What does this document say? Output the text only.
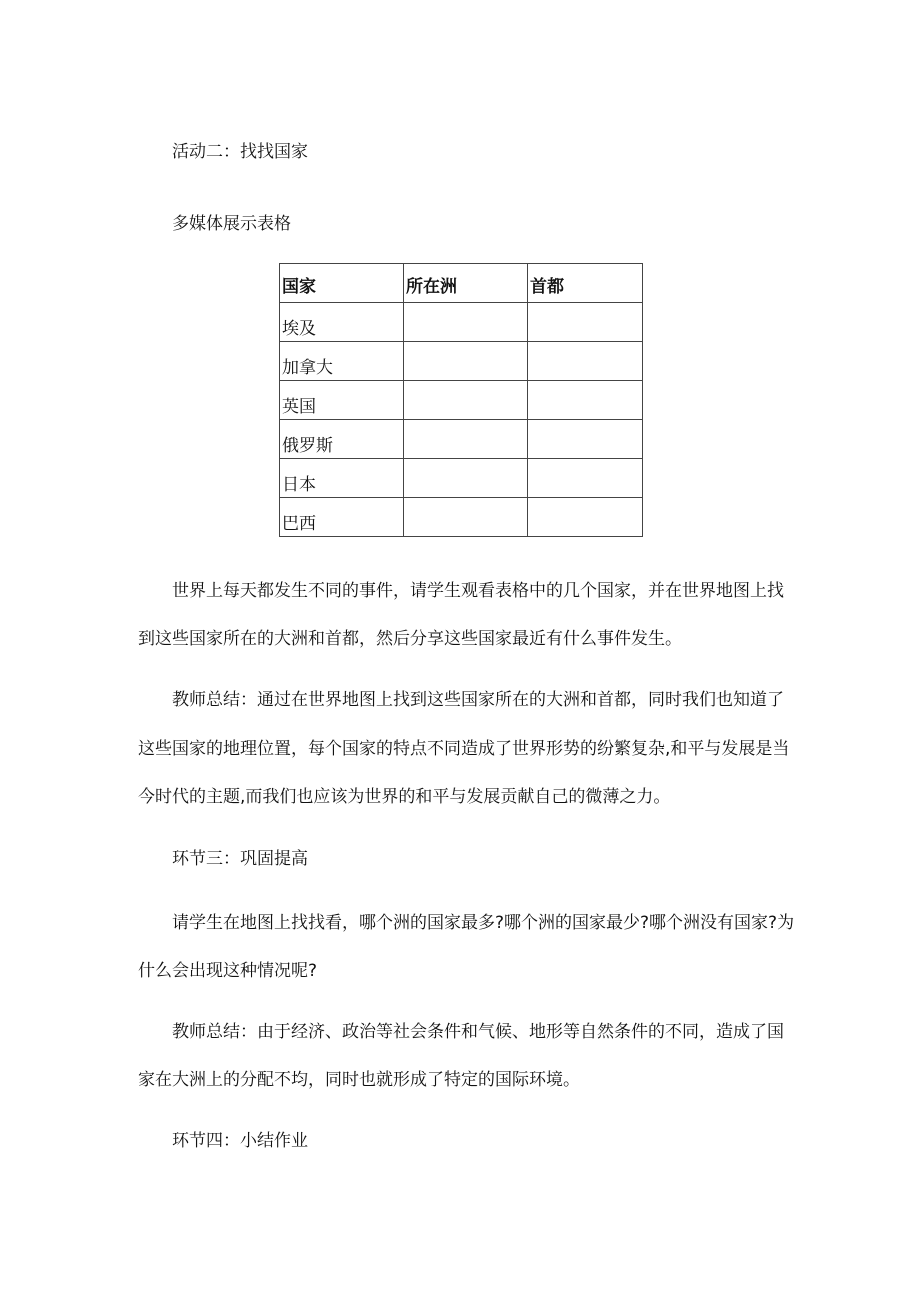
活动二：找找国家
多媒体展示表格
国家	所在洲	首都
埃及		
加拿大		
英国		
俄罗斯		
日本		
巴西		
世界上每天都发生不同的事件，请学生观看表格中的几个国家，并在世界地图上找
到这些国家所在的大洲和首都，然后分享这些国家最近有什么事件发生。
教师总结：通过在世界地图上找到这些国家所在的大洲和首都，同时我们也知道了
这些国家的地理位置，每个国家的特点不同造成了世界形势的纷繁复杂,和平与发展是当
今时代的主题,而我们也应该为世界的和平与发展贡献自己的微薄之力。
环节三：巩固提高
请学生在地图上找找看，哪个洲的国家最多?哪个洲的国家最少?哪个洲没有国家?为
什么会出现这种情况呢?
教师总结：由于经济、政治等社会条件和气候、地形等自然条件的不同，造成了国
家在大洲上的分配不均，同时也就形成了特定的国际环境。
环节四：小结作业
